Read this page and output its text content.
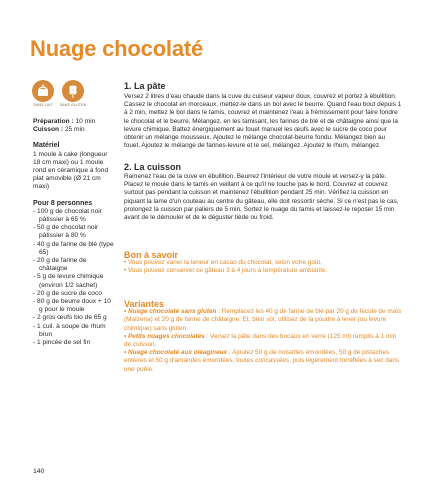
Nuage chocolaté
SANS LAIT	SANS GLUTEN

Préparation : 10 min

Cuisson : 25 min

Matériel

1 moule à cake (longueur 18 cm maxi) ou 1 moule rond en céramique à fond plat amovible (Ø 21 cm maxi)

Pour 8 personnes

- 100 g de chocolat noir pâtissier à 65 %
- 50 g de chocolat noir pâtissier à 80 %
- 40 g de farine de blé (type 65)
- 20 g de farine de châtaigne
- 5 g de levure chimique (environ 1/2 sachet)
- 20 g de sucre de coco
- 80 g de beurre doux + 10 g pour le moule
- 2 gros œufs bio de 65 g
- 1 cuil. à soupe de rhum brun
- 1 pincée de sel fin
1. La pâte

Versez 2 litres d'eau chaude dans la cuve du cuiseur vapeur doux, couvrez et portez à ébullition. Cassez le chocolat en morceaux, mettez-le dans un bol avec le beurre. Quand l'eau bout depuis 1 à 2 min, mettez le bol dans le tamis, couvrez et maintenez l'eau à frémissement pour faire fondre le chocolat et le beurre. Mélangez, en les tamisant, les farines de blé et de châtaigne ainsi que la levure chimique. Battez énergiquement au fouet manuel les œufs avec le sucre de coco pour obtenir un mélange mousseux. Ajoutez le mélange chocolat-beurre fondu. Mélangez bien au fouet. Ajoutez le mélange de farines-levure et le sel, mélangez. Ajoutez le rhum, mélangez.

2. La cuisson

Ramenez l'eau de la cuve en ébullition. Beurrez l'intérieur de votre moule et versez-y la pâte. Placez le moule dans le tamis en veillant à ce qu'il ne touche pas le bord. Couvrez et couvrez surtout pas pendant la cuisson et maintenez l'ébullition pendant 25 min. Vérifiez la cuisson en piquant la lame d'un couteau au centre du gâteau, elle doit ressortir sèche. Si ce n'est pas le cas, prolongez la cuisson par paliers de 5 min. Sortez le nuage du tamis et laissez-le reposer 15 min avant de le démouler et de le déguster tiède ou froid.

Bon à savoir

• Vous pouvez varier la teneur en cacao du chocolat, selon votre goût.

• Vous pouvez conserver ce gâteau 3 à 4 jours à température ambiante.

Variantes

• Nuage chocolaté sans gluten : Remplacez les 40 g de farine de blé par 20 g de fécule de maïs (Maïzena) et 20 g de farine de châtaigne. Et, bien sûr, utilisez de la poudre à lever (ou levure chimique) sans gluten.

• Petits nuages chocolatés : Versez la pâte dans des bocaux en verre (125 ml) remplis à 1 min de cuisson.

• Nuage chocolaté aux oléagineux : Ajoutez 50 g de noisettes émondées, 50 g de pistaches entières et 50 g d'amandes émondées, toutes concassées, puis légèrement torréfiées à sec dans une poêle.

140
